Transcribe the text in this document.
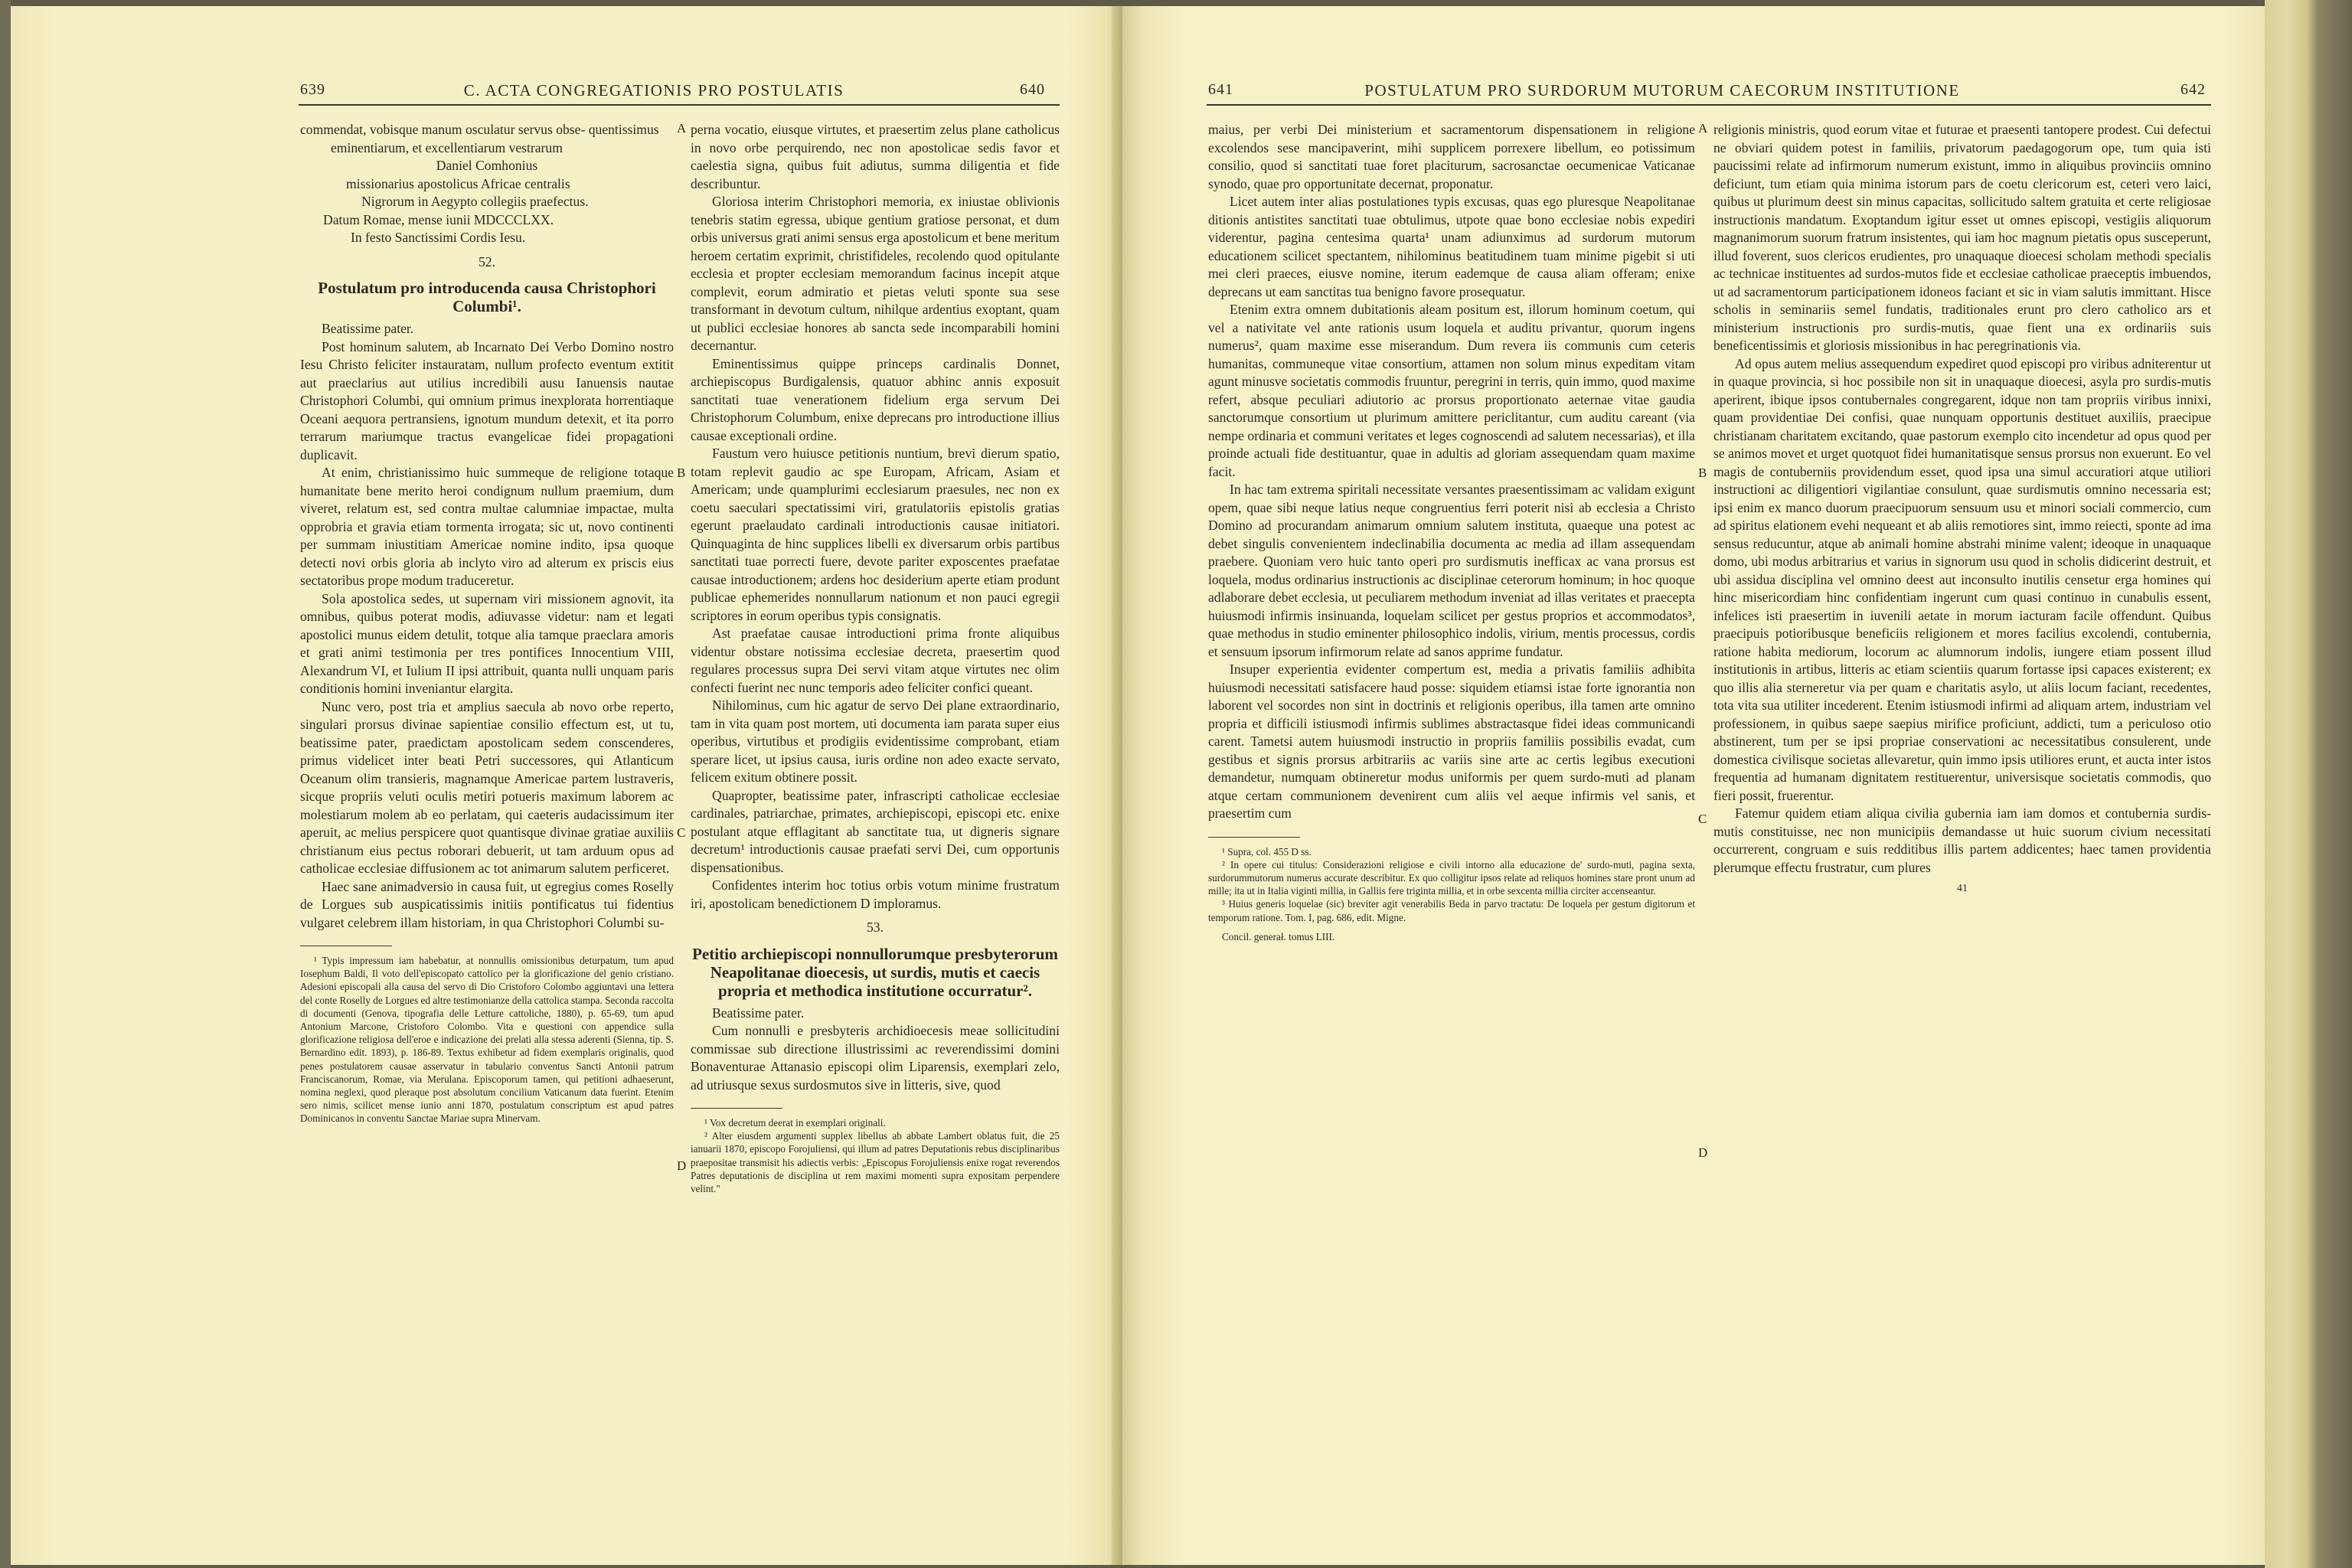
639	C. ACTA CONGREGATIONIS PRO POSTULATIS	640

commendat, vobisque manum osculatur servus obse- quentissimus

eminentiarum, et excellentiarum vestrarum

Daniel Comhonius

missionarius apostolicus Africae centralis

Nigrorum in Aegypto collegiis praefectus.

Datum Romae, mense iunii MDCCCLXX.

In festo Sanctissimi Cordis Iesu.

52.

Postulatum pro introducenda causa Christophori Columbi¹.

Beatissime pater.

Post hominum salutem, ab Incarnato Dei Verbo Domino nostro Iesu Christo feliciter instauratam, nullum profecto eventum extitit aut praeclarius aut utilius incredibili ausu Ianuensis nautae Christophori Columbi, qui omnium primus inexplorata horrentiaque Oceani aequora pertransiens, ignotum mundum detexit, et ita porro terrarum mariumque tractus evangelicae fidei propagationi duplicavit.

At enim, christianissimo huic summeque de religione totaque humanitate bene merito heroi condignum nullum praemium, dum viveret, relatum est, sed contra multae calumniae impactae, multa opprobria et gravia etiam tormenta irrogata; sic ut, novo continenti per summam iniustitiam Americae nomine indito, ipsa quoque detecti novi orbis gloria ab inclyto viro ad alterum ex priscis eius sectatoribus prope modum traduceretur.

Sola apostolica sedes, ut supernam viri missionem agnovit, ita omnibus, quibus poterat modis, adiuvasse videtur: nam et legati apostolici munus eidem detulit, totque alia tamque praeclara amoris et grati animi testimonia per tres pontifices Innocentium VIII, Alexandrum VI, et Iulium II ipsi attribuit, quanta nulli unquam paris conditionis homini inveniantur elargita.

Nunc vero, post tria et amplius saecula ab novo orbe reperto, singulari prorsus divinae sapientiae consilio effectum est, ut tu, beatissime pater, praedictam apostolicam sedem conscenderes, primus videlicet inter beati Petri successores, qui Atlanticum Oceanum olim transieris, magnamque Americae partem lustraveris, sicque propriis veluti oculis metiri potueris maximum laborem ac molestiarum molem ab eo perlatam, qui caeteris audacissimum iter aperuit, ac melius perspicere quot quantisque divinae gratiae auxiliis christianum eius pectus roborari debuerit, ut tam arduum opus ad catholicae ecclesiae diffusionem ac tot animarum salutem perficeret.

Haec sane animadversio in causa fuit, ut egregius comes Roselly de Lorgues sub auspicatissimis initiis pontificatus tui fidentius vulgaret celebrem illam historiam, in qua Christophori Columbi su-

¹ Typis impressum iam habebatur, at nonnullis omissionibus deturpatum, tum apud Iosephum Baldi, Il voto dell'episcopato cattolico per la glorificazione del genio cristiano. Adesioni episcopali alla causa del servo di Dio Cristoforo Colombo aggiuntavi una lettera del conte Roselly de Lorgues ed altre testimonianze della cattolica stampa. Seconda raccolta di documenti (Genova, tipografia delle Letture cattoliche, 1880), p. 65-69, tum apud Antonium Marcone, Cristoforo Colombo. Vita e questioni con appendice sulla glorificazione religiosa dell'eroe e indicazione dei prelati alla stessa aderenti (Sienna, tip. S. Bernardino edit. 1893), p. 186-89. Textus exhibetur ad fidem exemplaris originalis, quod penes postulatorem causae asservatur in tabulario conventus Sancti Antonii patrum Franciscanorum, Romae, via Merulana. Episcoporum tamen, qui petitioni adhaeserunt, nomina neglexi, quod pleraque post absolutum concilium Vaticanum data fuerint. Etenim sero nimis, scilicet mense iunio anni 1870, postulatum conscriptum est apud patres Dominicanos in conventu Sanctae Mariae supra Minervam.

A
B
C
D

perna vocatio, eiusque virtutes, et praesertim zelus plane catholicus in novo orbe perquirendo, nec non apostolicae sedis favor et caelestia signa, quibus fuit adiutus, summa diligentia et fide describuntur.

Gloriosa interim Christophori memoria, ex iniustae oblivionis tenebris statim egressa, ubique gentium gratiose personat, et dum orbis universus grati animi sensus erga apostolicum et bene meritum heroem certatim exprimit, christifideles, recolendo quod opitulante ecclesia et propter ecclesiam memorandum facinus incepit atque complevit, eorum admiratio et pietas veluti sponte sua sese transformant in devotum cultum, nihilque ardentius exoptant, quam ut publici ecclesiae honores ab sancta sede incomparabili homini decernantur.

Eminentissimus quippe princeps cardinalis Donnet, archiepiscopus Burdigalensis, quatuor abhinc annis exposuit sanctitati tuae venerationem fidelium erga servum Dei Christophorum Columbum, enixe deprecans pro introductione illius causae exceptionali ordine.

Faustum vero huiusce petitionis nuntium, brevi dierum spatio, totam replevit gaudio ac spe Europam, Africam, Asiam et Americam; unde quamplurimi ecclesiarum praesules, nec non ex coetu saeculari spectatissimi viri, gratulatoriis epistolis gratias egerunt praelaudato cardinali introductionis causae initiatori. Quinquaginta de hinc supplices libelli ex diversarum orbis partibus sanctitati tuae porrecti fuere, devote pariter exposcentes praefatae causae introductionem; ardens hoc desiderium aperte etiam produnt publicae ephemerides nonnullarum nationum et non pauci egregii scriptores in eorum operibus typis consignatis.

Ast praefatae causae introductioni prima fronte aliquibus videntur obstare notissima ecclesiae decreta, praesertim quod regulares processus supra Dei servi vitam atque virtutes nec olim confecti fuerint nec nunc temporis adeo feliciter confici queant.

Nihilominus, cum hic agatur de servo Dei plane extraordinario, tam in vita quam post mortem, uti documenta iam parata super eius operibus, virtutibus et prodigiis evidentissime comprobant, etiam sperare licet, ut ipsius causa, iuris ordine non adeo exacte servato, felicem exitum obtinere possit.

Quapropter, beatissime pater, infrascripti catholicae ecclesiae cardinales, patriarchae, primates, archiepiscopi, episcopi etc. enixe postulant atque efflagitant ab sanctitate tua, ut digneris signare decretum¹ introductionis causae praefati servi Dei, cum opportunis dispensationibus.

Confidentes interim hoc totius orbis votum minime frustratum iri, apostolicam benedictionem D imploramus.

53.

Petitio archiepiscopi nonnullorumque presbyterorum Neapolitanae dioecesis, ut surdis, mutis et caecis propria et methodica institutione occurratur².

Beatissime pater.

Cum nonnulli e presbyteris archidioecesis meae sollicitudini commissae sub directione illustrissimi ac reverendissimi domini Bonaventurae Attanasio episcopi olim Liparensis, exemplari zelo, ad utriusque sexus surdosmutos sive in litteris, sive, quod

¹ Vox decretum deerat in exemplari originali.

² Alter eiusdem argumenti supplex libellus ab abbate Lambert oblatus fuit, die 25 ianuarii 1870, episcopo Forojuliensi, qui illum ad patres Deputationis rebus disciplinaribus praepositae transmisit his adiectis verbis: „Episcopus Forojuliensis enixe rogat reverendos Patres deputationis de disciplina ut rem maximi momenti supra expositam perpendere velint."

641	POSTULATUM PRO SURDORUM MUTORUM CAECORUM INSTITUTIONE	642

maius, per verbi Dei ministerium et sacramentorum dispensationem in religione excolendos sese mancipaverint, mihi supplicem porrexere libellum, eo potissimum consilio, quod si sanctitati tuae foret placiturum, sacrosanctae oecumenicae Vaticanae synodo, quae pro opportunitate decernat, proponatur.

Licet autem inter alias postulationes typis excusas, quas ego pluresque Neapolitanae ditionis antistites sanctitati tuae obtulimus, utpote quae bono ecclesiae nobis expediri viderentur, pagina centesima quarta¹ unam adiunximus ad surdorum mutorum educationem scilicet spectantem, nihilominus beatitudinem tuam minime pigebit si uti mei cleri praeces, eiusve nomine, iterum eademque de causa aliam offeram; enixe deprecans ut eam sanctitas tua benigno favore prosequatur.

Etenim extra omnem dubitationis aleam positum est, illorum hominum coetum, qui vel a nativitate vel ante rationis usum loquela et auditu privantur, quorum ingens numerus², quam maxime esse miserandum. Dum revera iis communis cum ceteris humanitas, communeque vitae consortium, attamen non solum minus expeditam vitam agunt minusve societatis commodis fruuntur, peregrini in terris, quin immo, quod maxime refert, absque peculiari adiutorio ac prorsus proportionato aeternae vitae gaudia sanctorumque consortium ut plurimum amittere periclitantur, cum auditu careant (via nempe ordinaria et communi veritates et leges cognoscendi ad salutem necessarias), et illa proinde actuali fide destituantur, quae in adultis ad gloriam assequendam quam maxime facit.

In hac tam extrema spiritali necessitate versantes praesentissimam ac validam exigunt opem, quae sibi neque latius neque congruentius ferri poterit nisi ab ecclesia a Christo Domino ad procurandam animarum omnium salutem instituta, quaeque una potest ac debet singulis convenientem indeclinabilia documenta ac media ad illam assequendam praebere. Quoniam vero huic tanto operi pro surdismutis inefficax ac vana prorsus est loquela, modus ordinarius instructionis ac disciplinae ceterorum hominum; in hoc quoque adlaborare debet ecclesia, ut peculiarem methodum inveniat ad illas veritates et praecepta huiusmodi infirmis insinuanda, loquelam scilicet per gestus proprios et accommodatos³, quae methodus in studio eminenter philosophico indolis, virium, mentis processus, cordis et sensuum ipsorum infirmorum relate ad sanos apprime fundatur.

Insuper experientia evidenter compertum est, media a privatis familiis adhibita huiusmodi necessitati satisfacere haud posse: siquidem etiamsi istae forte ignorantia non laborent vel socordes non sint in doctrinis et religionis operibus, illa tamen arte omnino propria et difficili istiusmodi infirmis sublimes abstractasque fidei ideas communicandi carent. Tametsi autem huiusmodi instructio in propriis familiis possibilis evadat, cum gestibus et signis prorsus arbitrariis ac variis sine arte ac certis legibus executioni demandetur, numquam obtineretur modus uniformis per quem surdo-muti ad planam atque certam communionem devenirent cum aliis vel aeque infirmis vel sanis, et praesertim cum

¹ Supra, col. 455 D ss.

² In opere cui titulus: Considerazioni religiose e civili intorno alla educazione de' surdo-muti, pagina sexta, surdorummutorum numerus accurate describitur. Ex quo colligitur ipsos relate ad reliquos homines stare pront unum ad mille; ita ut in Italia viginti millia, in Galliis fere triginta millia, et in orbe sexcenta millia circiter accenseantur.

³ Huius generis loquelae (sic) breviter agit venerabilis Beda in parvo tractatu: De loquela per gestum digitorum et temporum ratione. Tom. I, pag. 686, edit. Migne.

Concil. generał. tomus LIII.

A
B
C
D

religionis ministris, quod eorum vitae et futurae et praesenti tantopere prodest. Cui defectui ne obviari quidem potest in familiis, privatorum paedagogorum ope, tum quia isti paucissimi relate ad infirmorum numerum existunt, immo in aliquibus provinciis omnino deficiunt, tum etiam quia minima istorum pars de coetu clericorum est, ceteri vero laici, quibus ut plurimum deest sin minus capacitas, sollicitudo saltem gratuita et certe religiosae instructionis mandatum. Exoptandum igitur esset ut omnes episcopi, vestigiis aliquorum magnanimorum suorum fratrum insistentes, qui iam hoc magnum pietatis opus susceperunt, illud foverent, suos clericos erudientes, pro unaquaque dioecesi scholam methodi specialis ac technicae instituentes ad surdos-mutos fide et ecclesiae catholicae praeceptis imbuendos, ut ad sacramentorum participationem idoneos faciant et sic in viam salutis immittant. Hisce scholis in seminariis semel fundatis, traditionales erunt pro clero catholico ars et ministerium instructionis pro surdis-mutis, quae fient una ex ordinariis suis beneficentissimis et gloriosis missionibus in hac peregrinationis via.

Ad opus autem melius assequendum expediret quod episcopi pro viribus adniterentur ut in quaque provincia, si hoc possibile non sit in unaquaque dioecesi, asyla pro surdis-mutis aperirent, ibique ipsos contubernales congregarent, idque non tam propriis viribus innixi, quam providentiae Dei confisi, quae nunquam opportunis destituet auxiliis, praecipue christianam charitatem excitando, quae pastorum exemplo cito incendetur ad opus quod per se animos movet et urget quotquot fidei humanitatisque sensus prorsus non exuerunt. Eo vel magis de contuberniis providendum esset, quod ipsa una simul accuratiori atque utiliori instructioni ac diligentiori vigilantiae consulunt, quae surdismutis omnino necessaria est; ipsi enim ex manco duorum praecipuorum sensuum usu et minori sociali commercio, cum ad spiritus elationem evehi nequeant et ab aliis remotiores sint, immo reiecti, sponte ad ima sensus reducuntur, atque ab animali homine abstrahi minime valent; ideoque in unaquaque domo, ubi modus arbitrarius et varius in signorum usu quod in scholis didicerint destruit, et ubi assidua disciplina vel omnino deest aut inconsulto inutilis censetur erga homines qui hinc misericordiam hinc confidentiam ingerunt cum quasi continuo in cunabulis essent, infelices isti praesertim in iuvenili aetate in morum iacturam facile offendunt. Quibus praecipuis potioribusque beneficiis religionem et mores facilius excolendi, contubernia, ratione habita mediorum, locorum ac alumnorum indolis, iungere etiam possent illud institutionis in artibus, litteris ac etiam scientiis quarum fortasse ipsi capaces existerent; ex quo illis alia sterneretur via per quam e charitatis asylo, ut aliis locum faciant, recedentes, tota vita sua utiliter incederent. Etenim istiusmodi infirmi ad aliquam artem, industriam vel professionem, in quibus saepe saepius mirifice proficiunt, addicti, tum a periculoso otio abstinerent, tum per se ipsi propriae conservationi ac necessitatibus consulerent, unde domestica civilisque societas allevaretur, quin immo ipsis utiliores erunt, et aucta inter istos frequentia ad humanam dignitatem restituerentur, universisque societatis commodis, quo fieri possit, fruerentur.

Fatemur quidem etiam aliqua civilia gubernia iam iam domos et contubernia surdis-mutis constituisse, nec non municipiis demandasse ut huic suorum civium necessitati occurrerent, congruam e suis redditibus illis partem addicentes; haec tamen providentia plerumque effectu frustratur, cum plures

41
